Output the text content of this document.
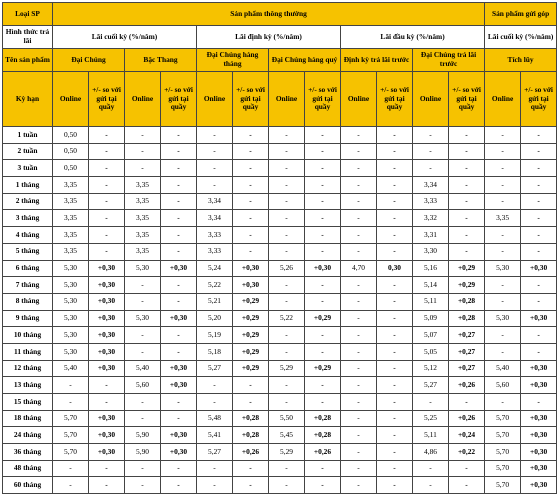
Loại SP	Sản phẩm thông thường												Sản phẩm gửi góp	
Hình thức trả lãi	Lãi cuối kỳ (%/năm)				Lãi định kỳ (%/năm)				Lãi đầu kỳ (%/năm)				Lãi cuối kỳ (%/năm)	
Tên sản phẩm	Đại Chúng		Bậc Thang		Đại Chúng hàng tháng		Đại Chúng hàng quý		Định kỳ trả lãi trước		Đại Chúng trả lãi trước		Tích lũy	
Kỳ hạn	Online	+/- so với gửi tại quầy	Online	+/- so với gửi tại quầy	Online	+/- so với gửi tại quầy	Online	+/- so với gửi tại quầy	Online	+/- so với gửi tại quầy	Online	+/- so với gửi tại quầy	Online	+/- so với gửi tại quầy
1 tuần	0,50	-	-	-	-	-	-	-	-	-	-	-	-	-
2 tuần	0,50	-	-	-	-	-	-	-	-	-	-	-	-	-
3 tuần	0,50	-	-	-	-	-	-	-	-	-	-	-	-	-
1 tháng	3,35	-	3,35	-	-	-	-	-	-	-	3,34	-	-	-
2 tháng	3,35	-	3,35	-	3,34	-	-	-	-	-	3,33	-	-	-
3 tháng	3,35	-	3,35	-	3,34	-	-	-	-	-	3,32	-	3,35	-
4 tháng	3,35	-	3,35	-	3,33	-	-	-	-	-	3,31	-	-	-
5 tháng	3,35	-	3,35	-	3,33	-	-	-	-	-	3,30	-	-	-
6 tháng	5,30	+0,30	5,30	+0,30	5,24	+0,30	5,26	+0,30	4,70	0,30	5,16	+0,29	5,30	+0,30
7 tháng	5,30	+0,30	-	-	5,22	+0,30	-	-	-	-	5,14	+0,29	-	-
8 tháng	5,30	+0,30	-	-	5,21	+0,29	-	-	-	-	5,11	+0,28	-	-
9 tháng	5,30	+0,30	5,30	+0,30	5,20	+0,29	5,22	+0,29	-	-	5,09	+0,28	5,30	+0,30
10 tháng	5,30	+0,30	-	-	5,19	+0,29	-	-	-	-	5,07	+0,27	-	-
11 tháng	5,30	+0,30	-	-	5,18	+0,29	-	-	-	-	5,05	+0,27	-	-
12 tháng	5,40	+0,30	5,40	+0,30	5,27	+0,29	5,29	+0,29	-	-	5,12	+0,27	5,40	+0,30
13 tháng	-	-	5,60	+0,30	-	-	-	-	-	-	5,27	+0,26	5,60	+0,30
15 tháng	-	-	-	-	-	-	-	-	-	-	-	-	-	-
18 tháng	5,70	+0,30	-	-	5,48	+0,28	5,50	+0,28	-	-	5,25	+0,26	5,70	+0,30
24 tháng	5,70	+0,30	5,90	+0,30	5,41	+0,28	5,45	+0,28	-	-	5,11	+0,24	5,70	+0,30
36 tháng	5,70	+0,30	5,90	+0,30	5,27	+0,26	5,29	+0,26	-	-	4,86	+0,22	5,70	+0,30
48 tháng	-	-	-	-	-	-	-	-	-	-	-	-	5,70	+0,30
60 tháng	-	-	-	-	-	-	-	-	-	-	-	-	5,70	+0,30
